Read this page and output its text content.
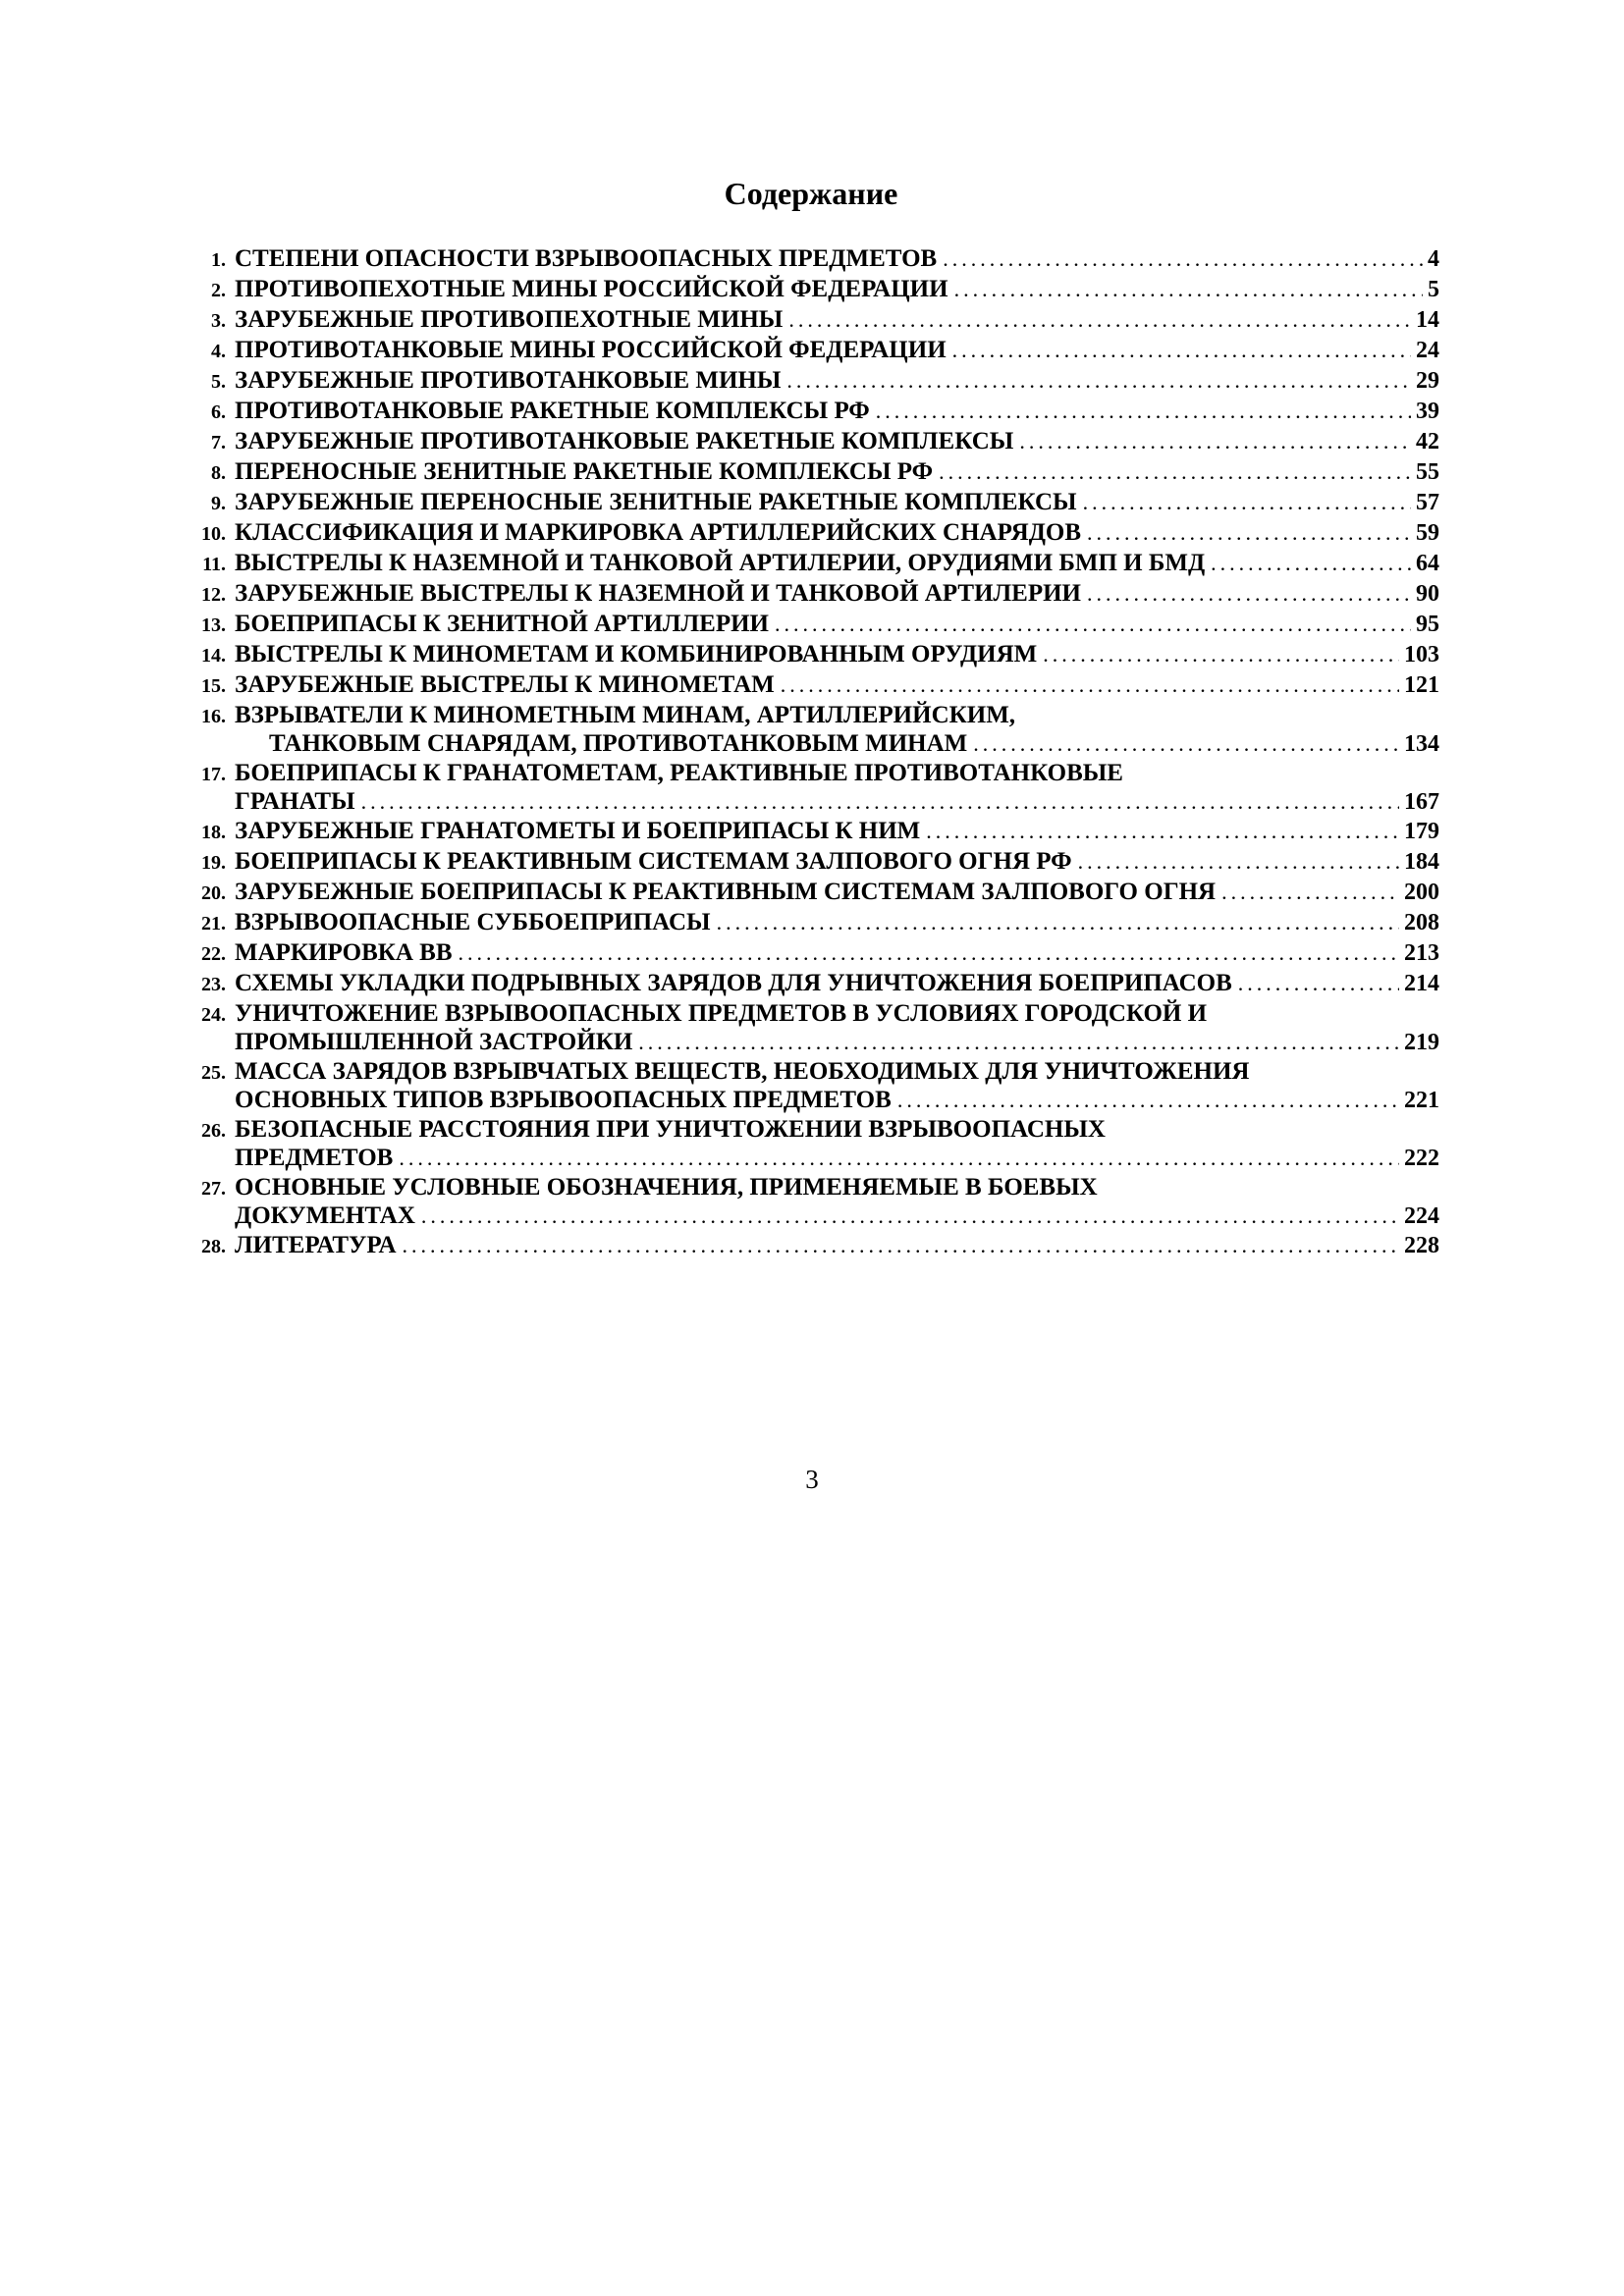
Содержание
1. СТЕПЕНИ ОПАСНОСТИ ВЗРЫВООПАСНЫХ ПРЕДМЕТОВ .....	4
2. ПРОТИВОПЕХОТНЫЕ МИНЫ РОССИЙСКОЙ ФЕДЕРАЦИИ .....	5
3. ЗАРУБЕЖНЫЕ ПРОТИВОПЕХОТНЫЕ МИНЫ .....	14
4. ПРОТИВОТАНКОВЫЕ МИНЫ РОССИЙСКОЙ ФЕДЕРАЦИИ .....	24
5. ЗАРУБЕЖНЫЕ ПРОТИВОТАНКОВЫЕ МИНЫ .....	29
6. ПРОТИВОТАНКОВЫЕ РАКЕТНЫЕ КОМПЛЕКСЫ РФ .....	39
7. ЗАРУБЕЖНЫЕ ПРОТИВОТАНКОВЫЕ РАКЕТНЫЕ КОМПЛЕКСЫ .....	42
8. ПЕРЕНОСНЫЕ ЗЕНИТНЫЕ РАКЕТНЫЕ КОМПЛЕКСЫ РФ .....	55
9. ЗАРУБЕЖНЫЕ ПЕРЕНОСНЫЕ ЗЕНИТНЫЕ РАКЕТНЫЕ КОМПЛЕКСЫ .....	57
10. КЛАССИФИКАЦИЯ И МАРКИРОВКА АРТИЛЛЕРИЙСКИХ СНАРЯДОВ .....	59
11. ВЫСТРЕЛЫ К НАЗЕМНОЙ И ТАНКОВОЙ АРТИЛЕРИИ, ОРУДИЯМИ БМП И БМД .....	64
12. ЗАРУБЕЖНЫЕ ВЫСТРЕЛЫ К НАЗЕМНОЙ И ТАНКОВОЙ АРТИЛЕРИИ .....	90
13. БОЕПРИПАСЫ К ЗЕНИТНОЙ АРТИЛЛЕРИИ .....	95
14. ВЫСТРЕЛЫ К МИНОМЕТАМ И КОМБИНИРОВАННЫМ ОРУДИЯМ .....	103
15. ЗАРУБЕЖНЫЕ ВЫСТРЕЛЫ К МИНОМЕТАМ .....	121
16. ВЗРЫВАТЕЛИ К МИНОМЕТНЫМ МИНАМ, АРТИЛЛЕРИЙСКИМ,
ТАНКОВЫМ СНАРЯДАМ, ПРОТИВОТАНКОВЫМ МИНАМ .....	134
17. БОЕПРИПАСЫ К ГРАНАТОМЕТАМ, РЕАКТИВНЫЕ ПРОТИВОТАНКОВЫЕ
ГРАНАТЫ .....	167
18. ЗАРУБЕЖНЫЕ ГРАНАТОМЕТЫ И БОЕПРИПАСЫ К НИМ .....	179
19. БОЕПРИПАСЫ К РЕАКТИВНЫМ СИСТЕМАМ ЗАЛПОВОГО ОГНЯ РФ .....	184
20. ЗАРУБЕЖНЫЕ БОЕПРИПАСЫ К РЕАКТИВНЫМ СИСТЕМАМ ЗАЛПОВОГО ОГНЯ .....	200
21. ВЗРЫВООПАСНЫЕ СУББОЕПРИПАСЫ .....	208
22. МАРКИРОВКА ВВ .....	213
23. СХЕМЫ УКЛАДКИ ПОДРЫВНЫХ ЗАРЯДОВ ДЛЯ УНИЧТОЖЕНИЯ БОЕПРИПАСОВ .....	214
24. УНИЧТОЖЕНИЕ ВЗРЫВООПАСНЫХ ПРЕДМЕТОВ В УСЛОВИЯХ ГОРОДСКОЙ И
ПРОМЫШЛЕННОЙ ЗАСТРОЙКИ .....	219
25. МАССА ЗАРЯДОВ ВЗРЫВЧАТЫХ ВЕЩЕСТВ, НЕОБХОДИМЫХ ДЛЯ УНИЧТОЖЕНИЯ
ОСНОВНЫХ ТИПОВ ВЗРЫВООПАСНЫХ ПРЕДМЕТОВ .....	221
26. БЕЗОПАСНЫЕ РАССТОЯНИЯ ПРИ УНИЧТОЖЕНИИ ВЗРЫВООПАСНЫХ
ПРЕДМЕТОВ .....	222
27. ОСНОВНЫЕ УСЛОВНЫЕ ОБОЗНАЧЕНИЯ, ПРИМЕНЯЕМЫЕ В БОЕВЫХ
ДОКУМЕНТАХ .....	224
28. ЛИТЕРАТУРА .....	228
3
